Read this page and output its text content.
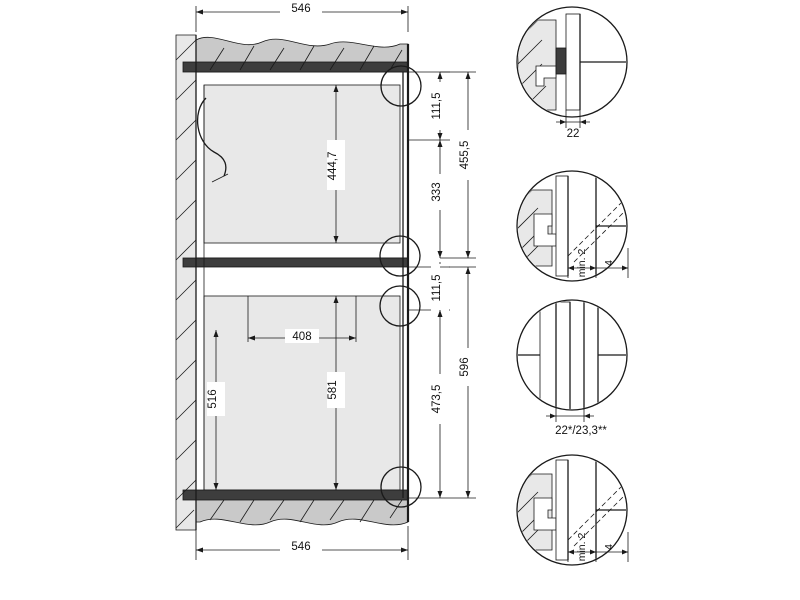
546
546
444,7
111,5
333
455,5
111,5
473,5
596
408
581
516
22
min. 2 4
22*/23,3**
min. 2 4
